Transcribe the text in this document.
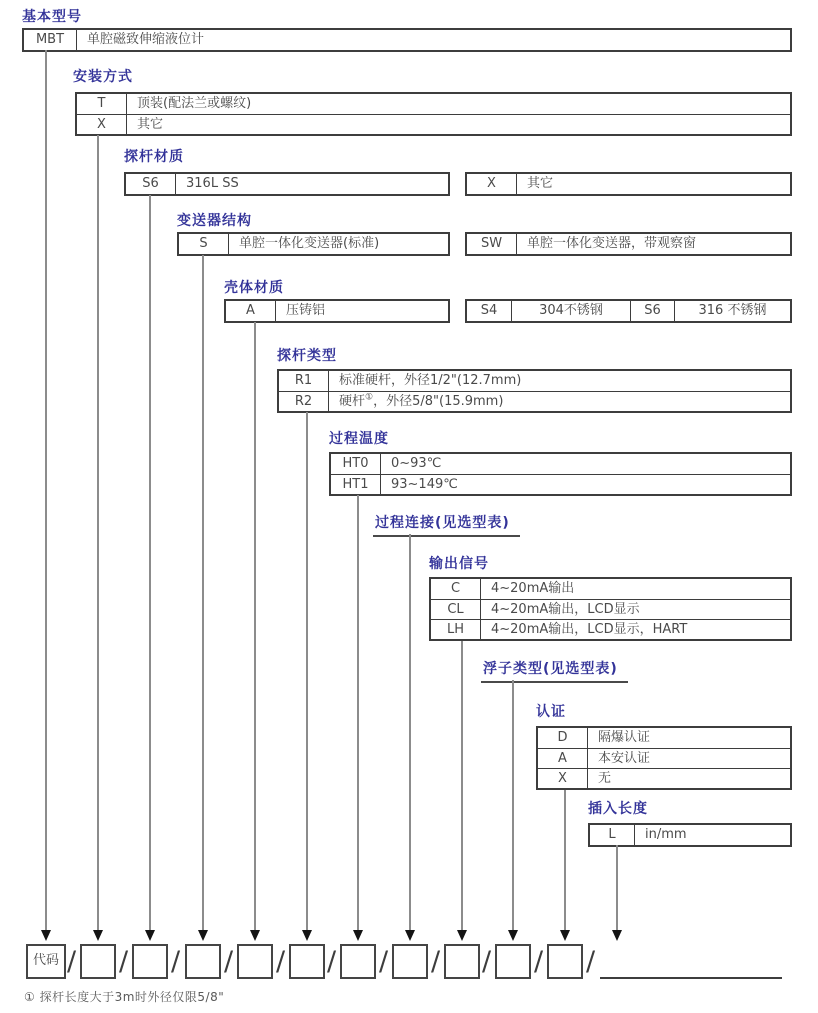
基本型号
安装方式
探杆材质
变送器结构
壳体材质
探杆类型
过程温度
过程连接(见选型表)
输出信号
浮子类型(见选型表)
认证
插入长度
MBT	单腔磁致伸缩液位计
T	顶装(配法兰或螺纹)
X	其它
S6	316L SS	X	其它
S	单腔一体化变送器(标准)	SW	单腔一体化变送器，带观察窗
A	压铸铝	S4	304不锈钢	S6	316 不锈钢
R1	标准硬杆，外径1/2"(12.7mm)
R2	硬杆①，外径5/8"(15.9mm)
HT0	0~93℃
HT1	93~149℃
C	4~20mA输出
CL	4~20mA输出，LCD显示
LH	4~20mA输出，LCD显示，HART
D	隔爆认证
A	本安认证
X	无
L	in/mm
代码 / / / / / / / / / / /
① 探杆长度大于3m时外径仅限5/8"
